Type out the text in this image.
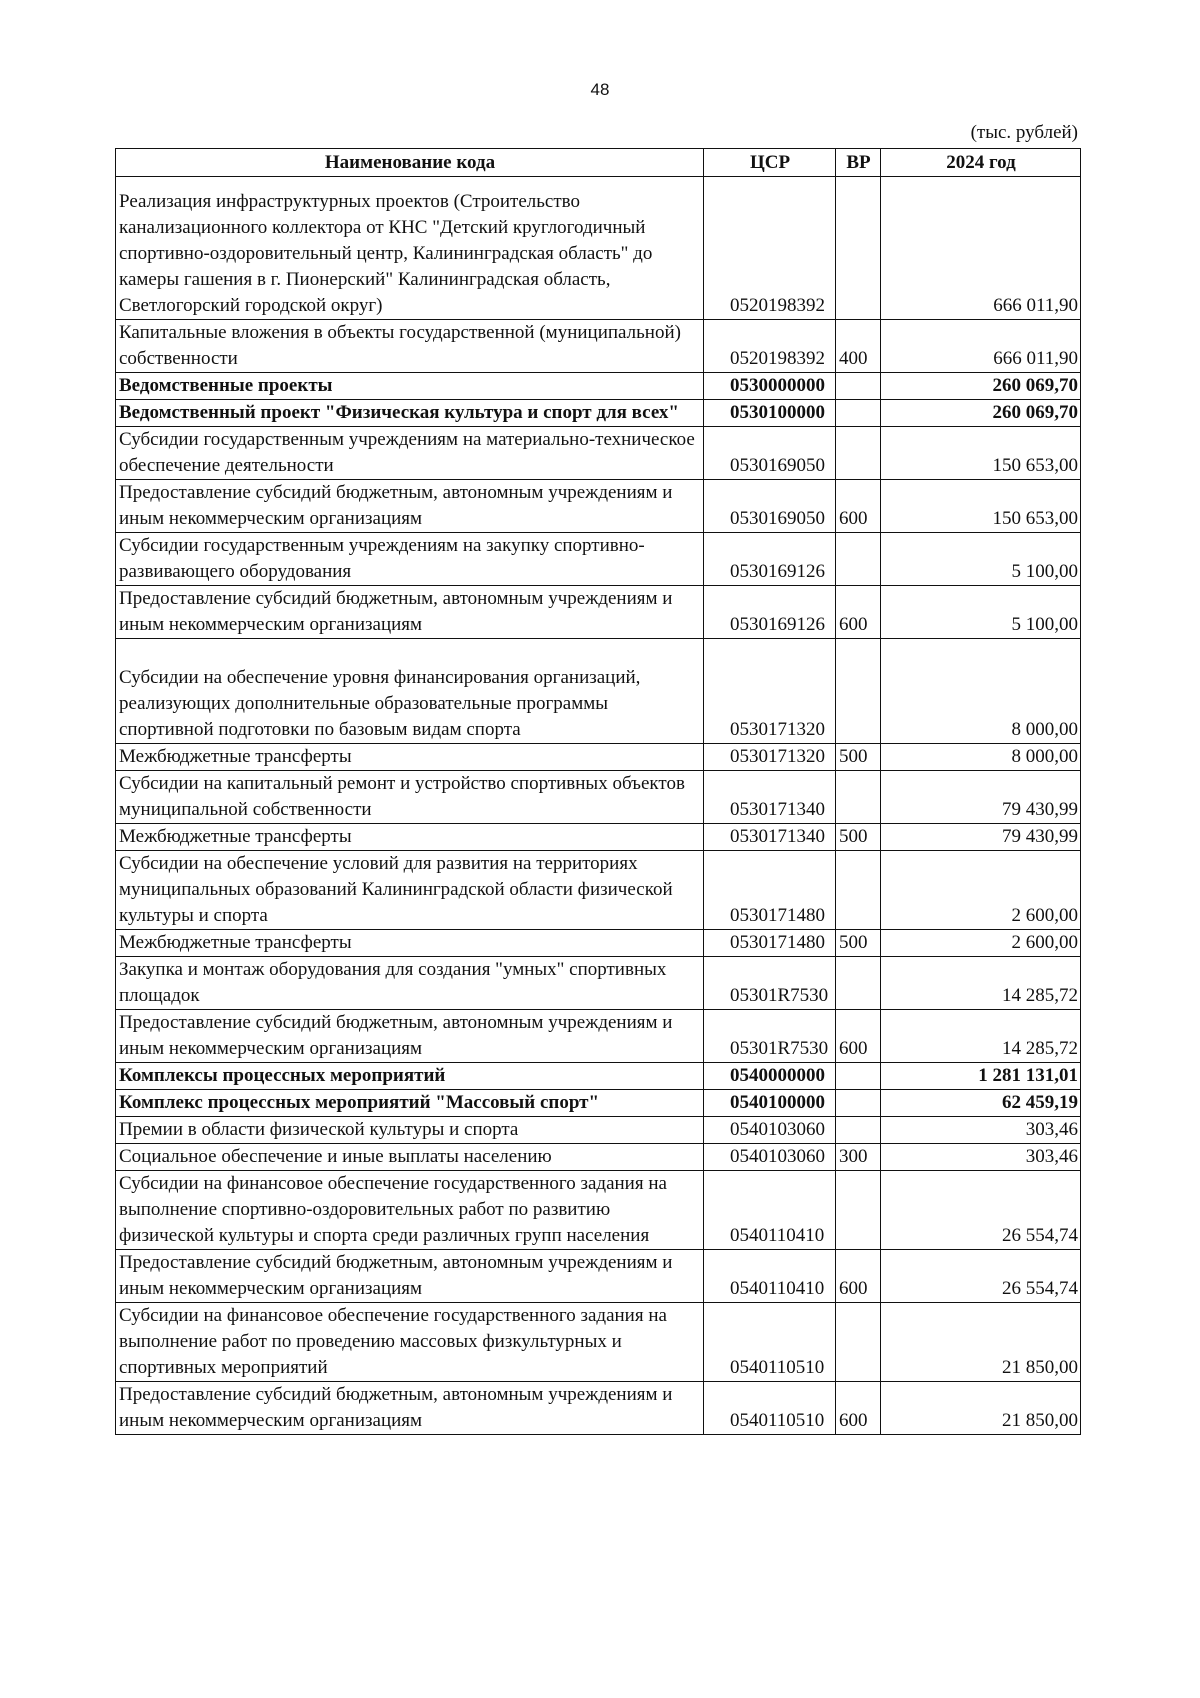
48
(тыс. рублей)
Наименование кода	ЦСР	ВР	2024 год
Реализация инфраструктурных проектов (Строительство канализационного коллектора от КНС "Детский круглогодичный спортивно-оздоровительный центр, Калининградская область" до камеры гашения в г. Пионерский" Калининградская область, Светлогорский городской округ)	0520198392		666 011,90
Капитальные вложения в объекты государственной (муниципальной) собственности	0520198392	400	666 011,90
Ведомственные проекты	0530000000		260 069,70
Ведомственный проект "Физическая культура и спорт для всех"	0530100000		260 069,70
Субсидии государственным учреждениям на материально-техническое обеспечение деятельности	0530169050		150 653,00
Предоставление субсидий бюджетным, автономным учреждениям и иным некоммерческим организациям	0530169050	600	150 653,00
Субсидии государственным учреждениям на закупку спортивно-развивающего оборудования	0530169126		5 100,00
Предоставление субсидий бюджетным, автономным учреждениям и иным некоммерческим организациям	0530169126	600	5 100,00
Субсидии на обеспечение уровня финансирования организаций, реализующих дополнительные образовательные программы спортивной подготовки по базовым видам спорта	0530171320		8 000,00
Межбюджетные трансферты	0530171320	500	8 000,00
Субсидии на капитальный ремонт и устройство спортивных объектов муниципальной собственности	0530171340		79 430,99
Межбюджетные трансферты	0530171340	500	79 430,99
Субсидии на обеспечение условий для развития на территориях муниципальных образований Калининградской области физической культуры и спорта	0530171480		2 600,00
Межбюджетные трансферты	0530171480	500	2 600,00
Закупка и монтаж оборудования для создания "умных" спортивных площадок	05301R7530		14 285,72
Предоставление субсидий бюджетным, автономным учреждениям и иным некоммерческим организациям	05301R7530	600	14 285,72
Комплексы процессных мероприятий	0540000000		1 281 131,01
Комплекс процессных мероприятий "Массовый спорт"	0540100000		62 459,19
Премии в области физической культуры и спорта	0540103060		303,46
Социальное обеспечение и иные выплаты населению	0540103060	300	303,46
Субсидии на финансовое обеспечение государственного задания на выполнение спортивно-оздоровительных работ по развитию физической культуры и спорта среди различных групп населения	0540110410		26 554,74
Предоставление субсидий бюджетным, автономным учреждениям и иным некоммерческим организациям	0540110410	600	26 554,74
Субсидии на финансовое обеспечение государственного задания на выполнение работ по проведению массовых физкультурных и спортивных мероприятий	0540110510		21 850,00
Предоставление субсидий бюджетным, автономным учреждениям и иным некоммерческим организациям	0540110510	600	21 850,00
